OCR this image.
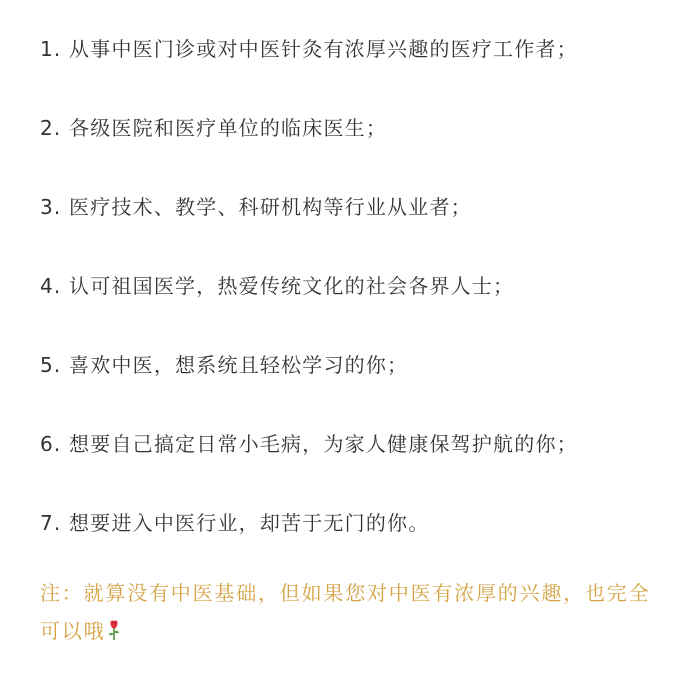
1. 从事中医门诊或对中医针灸有浓厚兴趣的医疗工作者；
2. 各级医院和医疗单位的临床医生；
3. 医疗技术、教学、科研机构等行业从业者；
4. 认可祖国医学，热爱传统文化的社会各界人士；
5. 喜欢中医，想系统且轻松学习的你；
6. 想要自己搞定日常小毛病，为家人健康保驾护航的你；
7. 想要进入中医行业，却苦于无门的你。
注：就算没有中医基础，但如果您对中医有浓厚的兴趣，也完全可以哦
